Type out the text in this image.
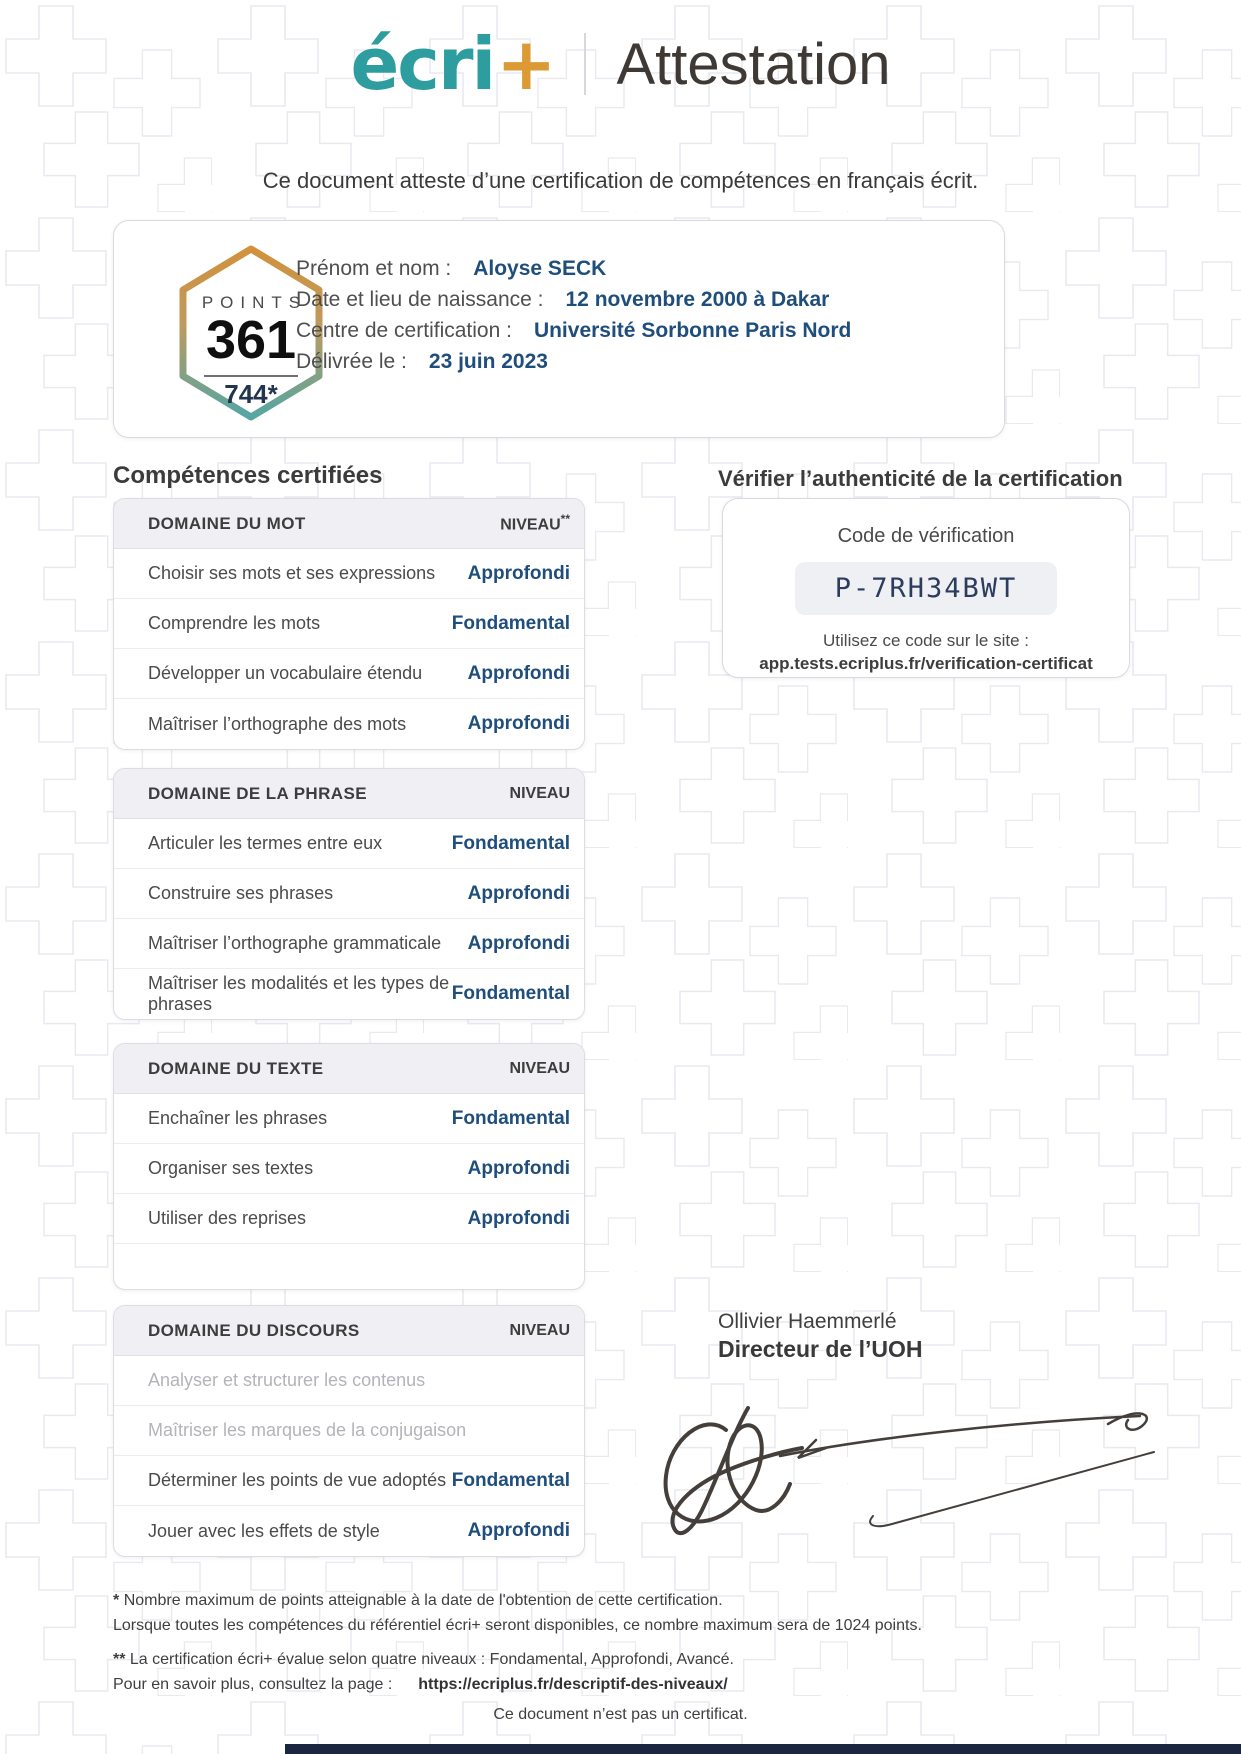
écri+ Attestation
Ce document atteste d’une certification de compétences en français écrit.
POINTS
361
744*
Prénom et nom : Aloyse SECK
Date et lieu de naissance : 12 novembre 2000 à Dakar
Centre de certification : Université Sorbonne Paris Nord
Délivrée le : 23 juin 2023
Compétences certifiées	Vérifier l’authenticité de la certification
DOMAINE DU MOT	NIVEAU**
Choisir ses mots et ses expressions Approfondi
Comprendre les mots	Fondamental
Développer un vocabulaire étendu Approfondi
Maîtriser l’orthographe des mots	Approfondi
DOMAINE DE LA PHRASE	NIVEAU
Articuler les termes entre eux	Fondamental
Construire ses phrases	Approfondi
Maîtriser l’orthographe grammaticale Approfondi
Maîtriser les modalités et les types de phrases	Fondamental
DOMAINE DU TEXTE	NIVEAU
Enchaîner les phrases	Fondamental
Organiser ses textes	Approfondi
Utiliser des reprises	Approfondi
DOMAINE DU DISCOURS	NIVEAU
Analyser et structurer les contenus
Maîtriser les marques de la conjugaison
Déterminer les points de vue adoptés Fondamental
Jouer avec les effets de style	Approfondi
Code de vérification
P-7RH34BWT
Utilisez ce code sur le site :
app.tests.ecriplus.fr/verification-certificat
Ollivier Haemmerlé
Directeur de l’UOH
* Nombre maximum de points atteignable à la date de l'obtention de cette certification.
Lorsque toutes les compétences du référentiel écri+ seront disponibles, ce nombre maximum sera de 1024 points.
** La certification écri+ évalue selon quatre niveaux : Fondamental, Approfondi, Avancé.
Pour en savoir plus, consultez la page : https://ecriplus.fr/descriptif-des-niveaux/
Ce document n’est pas un certificat.
